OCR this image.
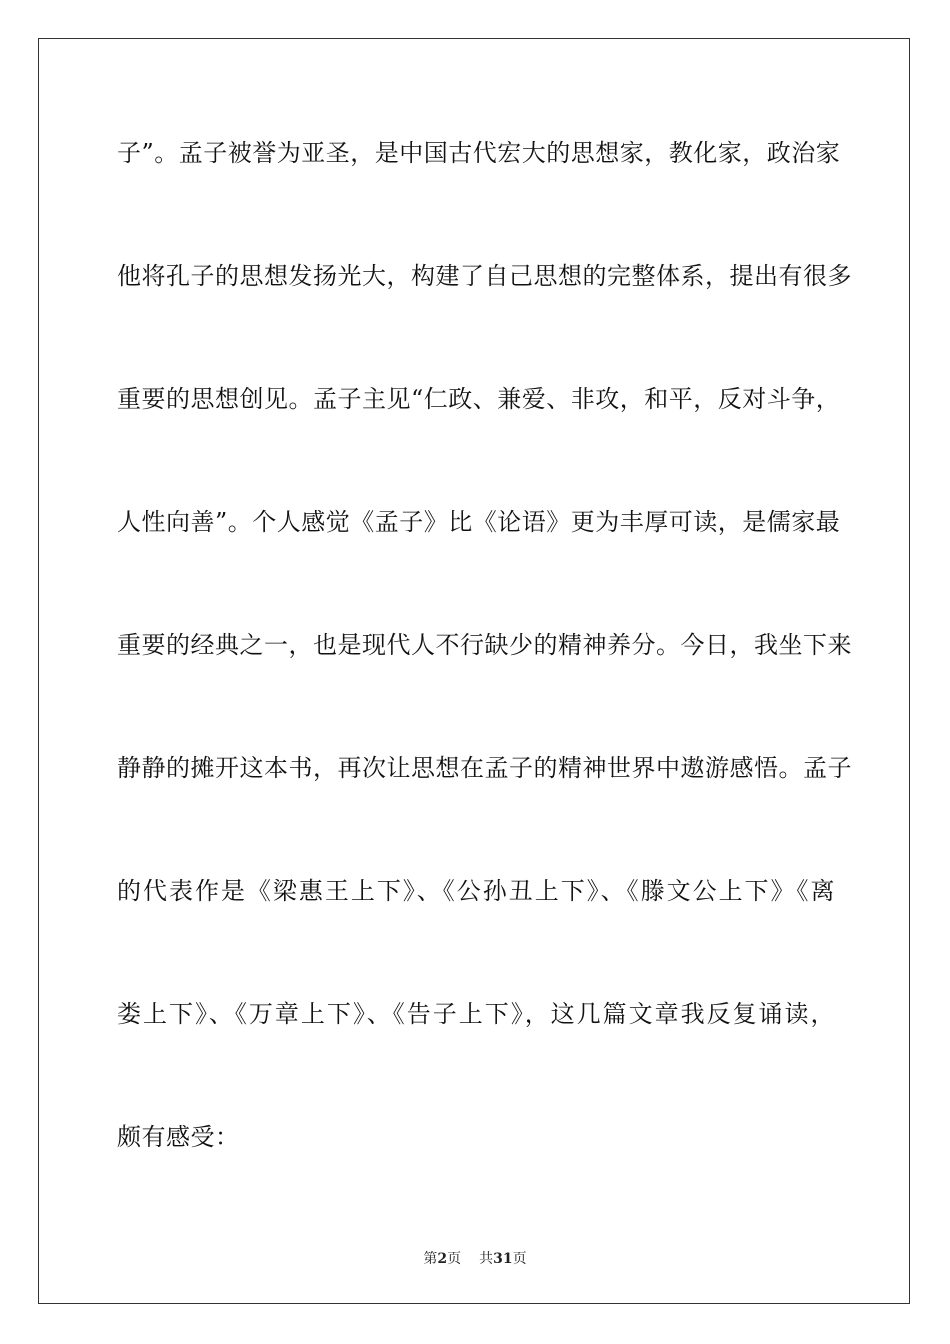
子”。孟子被誉为亚圣，是中国古代宏大的思想家，教化家，政治家
他将孔子的思想发扬光大，构建了自己思想的完整体系，提出有很多
重要的思想创见。孟子主见“仁政、兼爱、非攻，和平，反对斗争，
人性向善”。个人感觉《孟子》比《论语》更为丰厚可读，是儒家最
重要的经典之一，也是现代人不行缺少的精神养分。今日，我坐下来
静静的摊开这本书，再次让思想在孟子的精神世界中遨游感悟。孟子
的代表作是《梁惠王上下》、《公孙丑上下》、《滕文公上下》《离
娄上下》、《万章上下》、《告子上下》，这几篇文章我反复诵读，
颇有感受：
第2页 共31页
